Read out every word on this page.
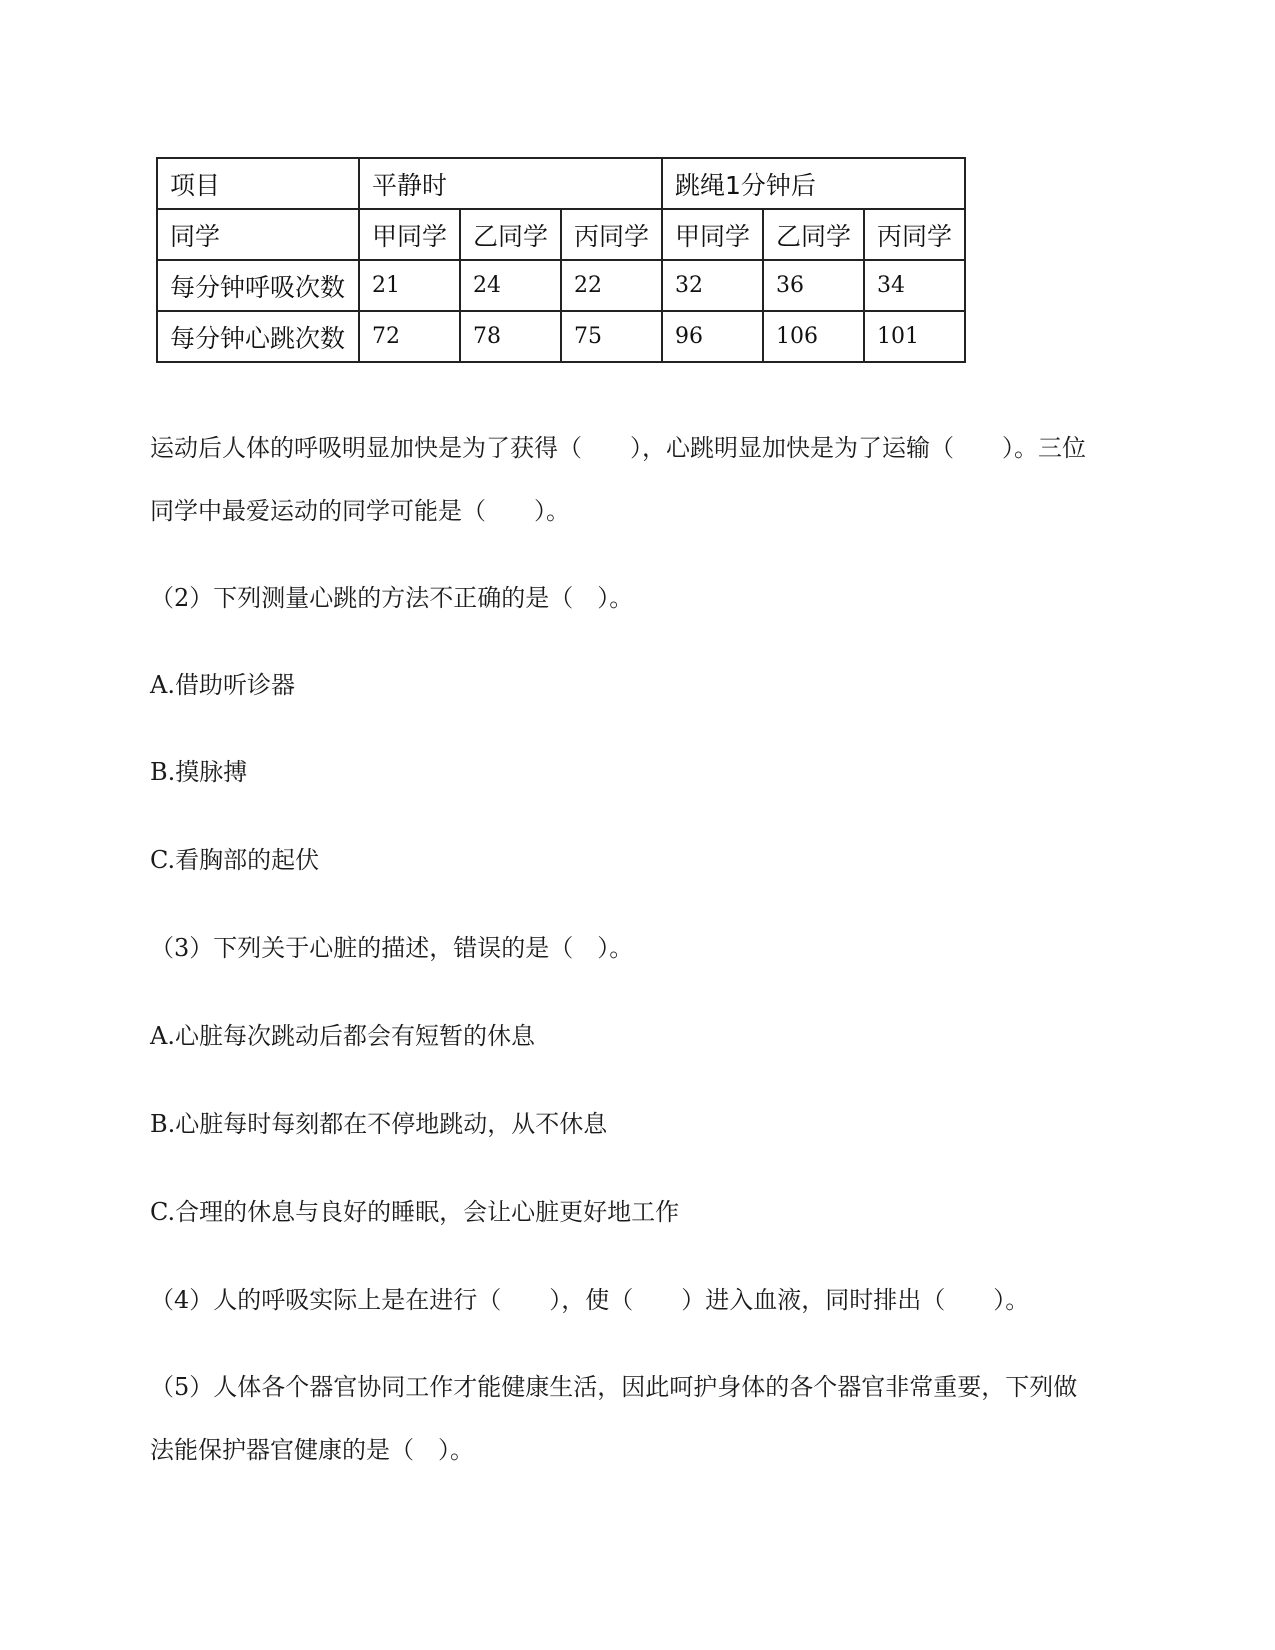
项目	平静时			跳绳1分钟后		
同学	甲同学	乙同学	丙同学	甲同学	乙同学	丙同学
每分钟呼吸次数	21	24	22	32	36	34
每分钟心跳次数	72	78	75	96	106	101
运动后人体的呼吸明显加快是为了获得（　　），心跳明显加快是为了运输（　　）。三位
同学中最爱运动的同学可能是（　　）。
（2）下列测量心跳的方法不正确的是（　）。
A.借助听诊器
B.摸脉搏
C.看胸部的起伏
（3）下列关于心脏的描述，错误的是（　）。
A.心脏每次跳动后都会有短暂的休息
B.心脏每时每刻都在不停地跳动，从不休息
C.合理的休息与良好的睡眠，会让心脏更好地工作
（4）人的呼吸实际上是在进行（　　），使（　　）进入血液，同时排出（　　）。
（5）人体各个器官协同工作才能健康生活，因此呵护身体的各个器官非常重要，下列做
法能保护器官健康的是（　）。
